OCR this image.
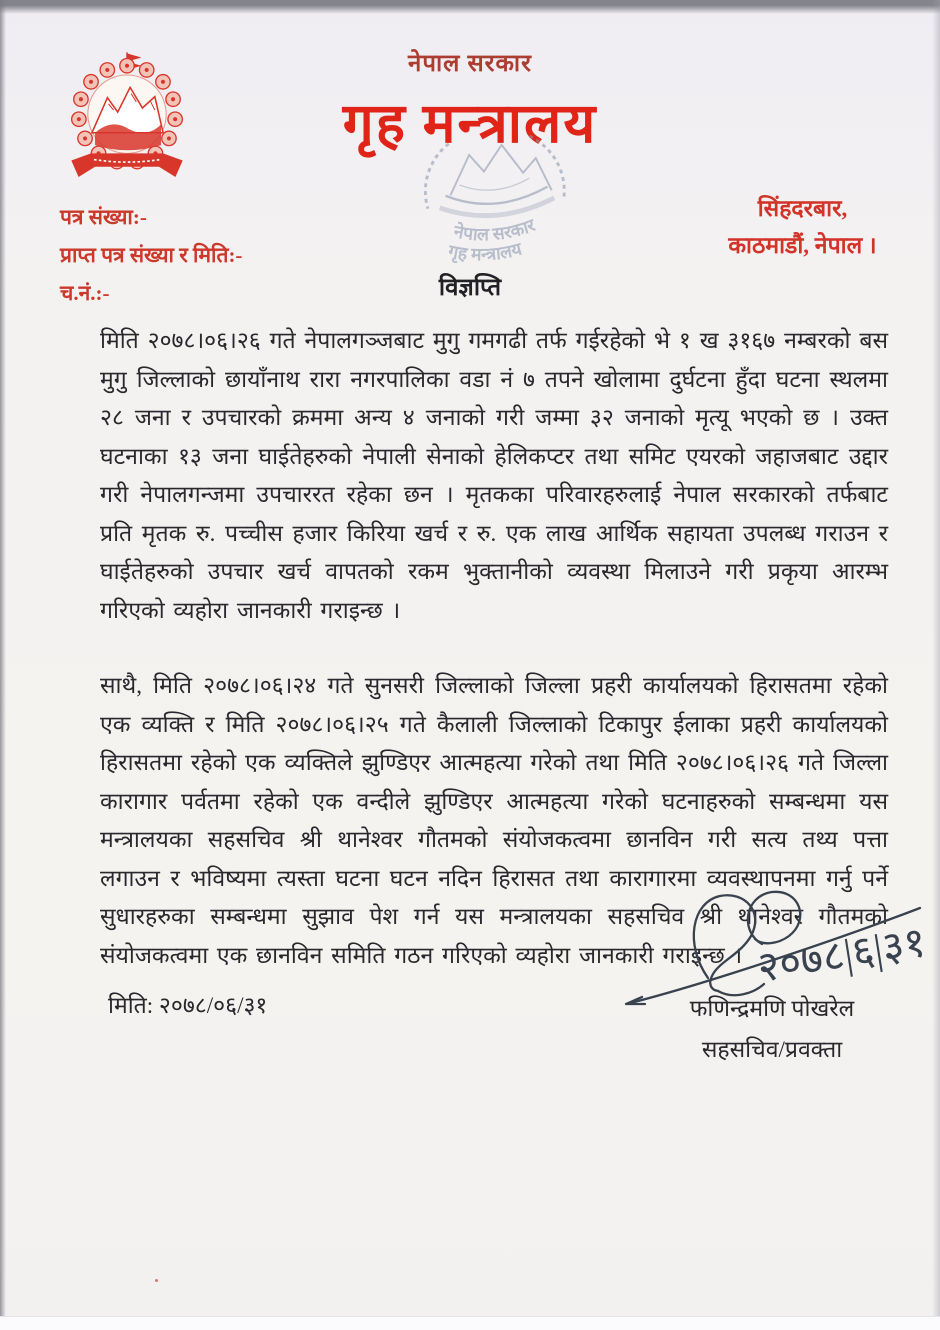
नेपाल सरकार
गृह मन्त्रालय
नेपाल सरकार
गृह मन्त्रालय
पत्र संख्या:-
प्राप्त पत्र संख्या र मिति:-
च.नं.:-
सिंहदरबार,
काठमाडौं, नेपाल ।
विज्ञप्ति

मिति २०७८।०६।२६ गते नेपालगञ्जबाट मुगु गमगढी तर्फ गईरहेको भे १ ख ३१६७ नम्बरको बस मुगु जिल्लाको छायाँनाथ रारा नगरपालिका वडा नं ७ तपने खोलामा दुर्घटना हुँदा घटना स्थलमा २८ जना र उपचारको क्रममा अन्य ४ जनाको गरी जम्मा ३२ जनाको मृत्यू भएको छ । उक्त घटनाका १३ जना घाईतेहरुको नेपाली सेनाको हेलिकप्टर तथा समिट एयरको जहाजबाट उद्दार गरी नेपालगन्जमा उपचाररत रहेका छन । मृतकका परिवारहरुलाई नेपाल सरकारको तर्फबाट प्रति मृतक रु. पच्चीस हजार किरिया खर्च र रु. एक लाख आर्थिक सहायता उपलब्ध गराउन र घाईतेहरुको उपचार खर्च वापतको रकम भुक्तानीको व्यवस्था मिलाउने गरी प्रकृया आरम्भ गरिएको व्यहोरा जानकारी गराइन्छ ।

साथै, मिति २०७८।०६।२४ गते सुनसरी जिल्लाको जिल्ला प्रहरी कार्यालयको हिरासतमा रहेको एक व्यक्ति र मिति २०७८।०६।२५ गते कैलाली जिल्लाको टिकापुर ईलाका प्रहरी कार्यालयको हिरासतमा रहेको एक व्यक्तिले झुण्डिएर आत्महत्या गरेको तथा मिति २०७८।०६।२६ गते जिल्ला कारागार पर्वतमा रहेको एक वन्दीले झुण्डिएर आत्महत्या गरेको घटनाहरुको सम्बन्धमा यस मन्त्रालयका सहसचिव श्री थानेश्वर गौतमको संयोजकत्वमा छानविन गरी सत्य तथ्य पत्ता लगाउन र भविष्यमा त्यस्ता घटना घटन नदिन हिरासत तथा कारागारमा व्यवस्थापनमा गर्नु पर्ने सुधारहरुका सम्बन्धमा सुझाव पेश गर्न यस मन्त्रालयका सहसचिव श्री थानेश्वर गौतमको संयोजकत्वमा एक छानविन समिति गठन गरिएको व्यहोरा जानकारी गराइन्छ ।

मिति: २०७८/०६/३१
२०७८|६|३१
फणिन्द्रमणि पोखरेल
सहसचिव/प्रवक्ता
